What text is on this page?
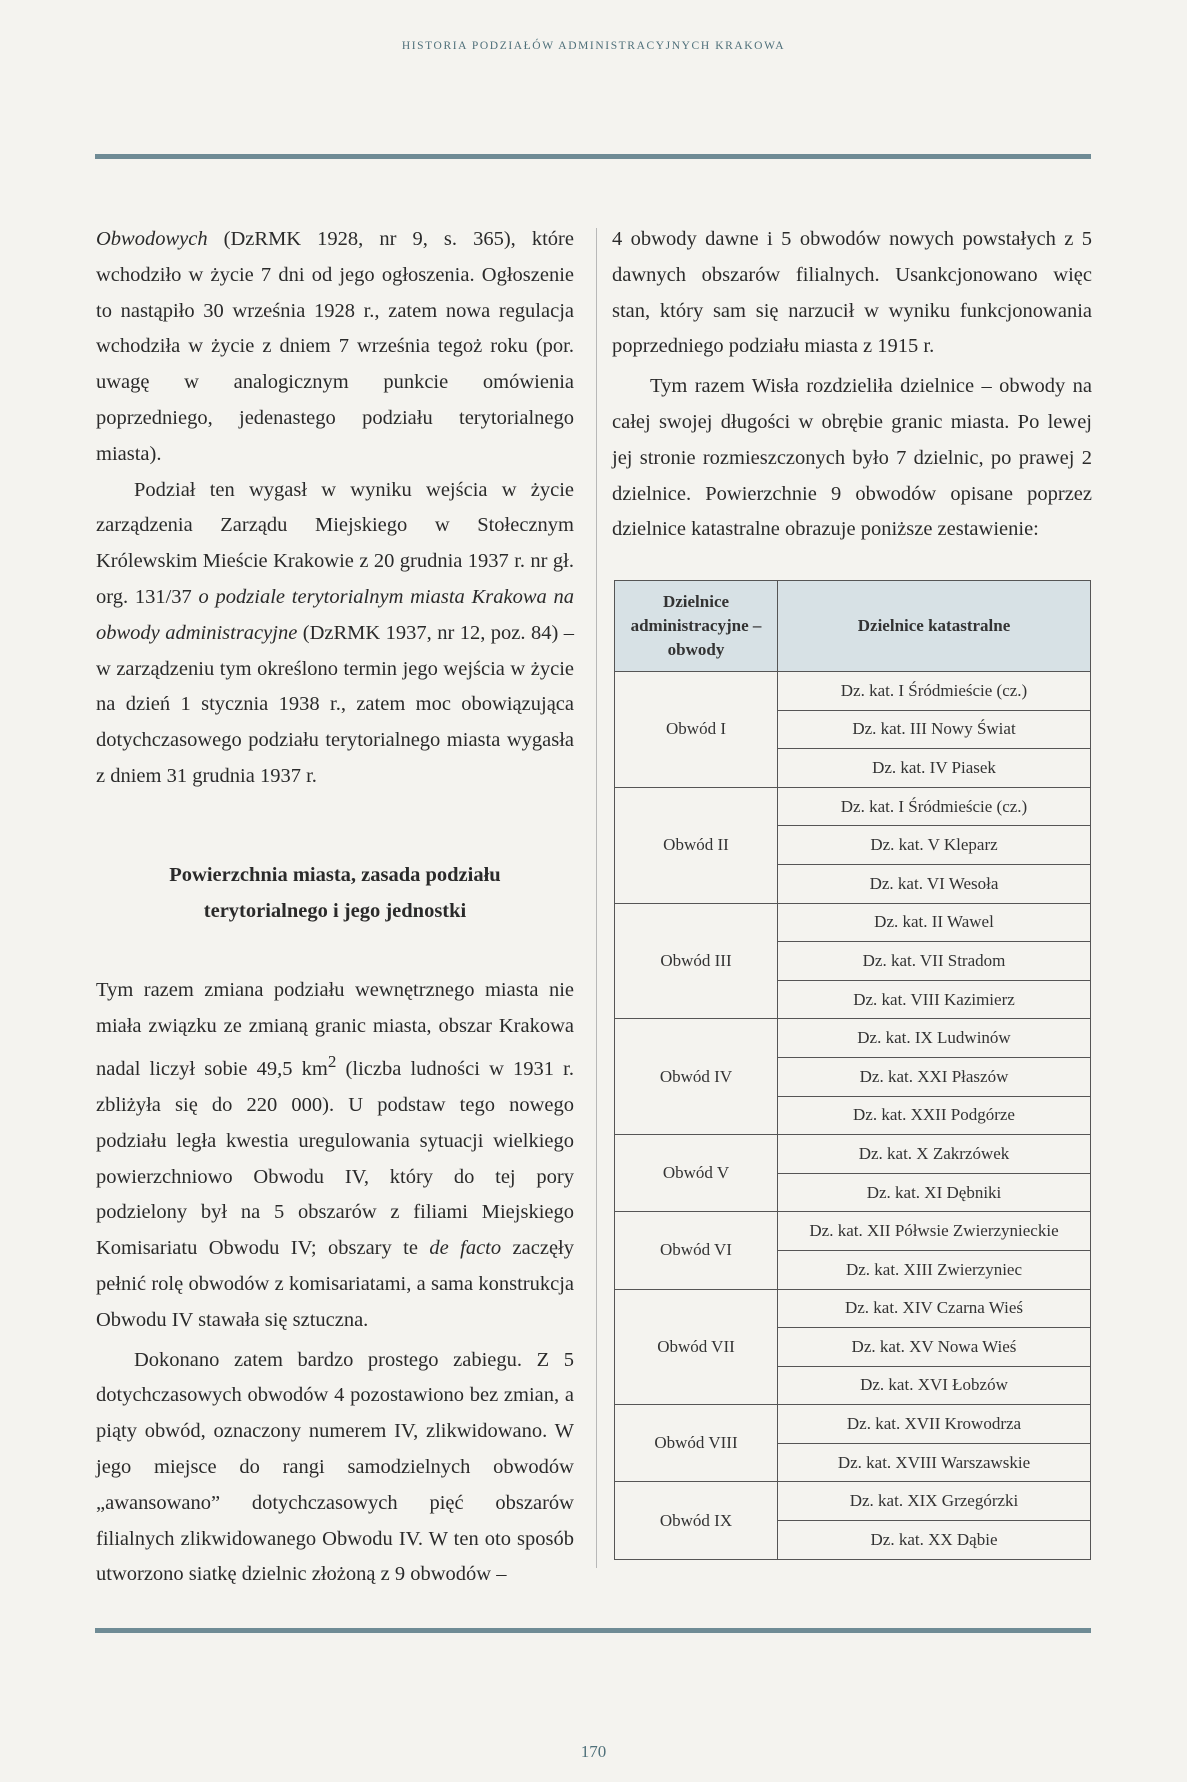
HISTORIA PODZIAŁÓW ADMINISTRACYJNYCH KRAKOWA

Obwodowych (DzRMK 1928, nr 9, s. 365), które wchodziło w życie 7 dni od jego ogłoszenia. Ogłoszenie to nastąpiło 30 września 1928 r., zatem nowa regulacja wchodziła w życie z dniem 7 września tegoż roku (por. uwagę w analogicznym punkcie omówienia poprzedniego, jedenastego podziału terytorialnego miasta).

Podział ten wygasł w wyniku wejścia w życie zarządzenia Zarządu Miejskiego w Stołecznym Królewskim Mieście Krakowie z 20 grudnia 1937 r. nr gł. org. 131/37 o podziale terytorialnym miasta Krakowa na obwody administracyjne (DzRMK 1937, nr 12, poz. 84) – w zarządzeniu tym określono termin jego wejścia w życie na dzień 1 stycznia 1938 r., zatem moc obowiązująca dotychczasowego podziału terytorialnego miasta wygasła z dniem 31 grudnia 1937 r.

Powierzchnia miasta, zasada podziału
terytorialnego i jego jednostki

Tym razem zmiana podziału wewnętrznego miasta nie miała związku ze zmianą granic miasta, obszar Krakowa nadal liczył sobie 49,5 $km^2$ (liczba ludności w 1931 r. zbliżyła się do 220 000). U podstaw tego nowego podziału legła kwestia uregulowania sytuacji wielkiego powierzchniowo Obwodu IV, który do tej pory podzielony był na 5 obszarów z filiami Miejskiego Komisariatu Obwodu IV; obszary te de facto zaczęły pełnić rolę obwodów z komisariatami, a sama konstrukcja Obwodu IV stawała się sztuczna.

Dokonano zatem bardzo prostego zabiegu. Z 5 dotychczasowych obwodów 4 pozostawiono bez zmian, a piąty obwód, oznaczony numerem IV, zlikwidowano. W jego miejsce do rangi samodzielnych obwodów „awansowano” dotychczasowych pięć obszarów filialnych zlikwidowanego Obwodu IV. W ten oto sposób utworzono siatkę dzielnic złożoną z 9 obwodów –

4 obwody dawne i 5 obwodów nowych powstałych z 5 dawnych obszarów filialnych. Usankcjonowano więc stan, który sam się narzucił w wyniku funkcjonowania poprzedniego podziału miasta z 1915 r.

Tym razem Wisła rozdzieliła dzielnice – obwody na całej swojej długości w obrębie granic miasta. Po lewej jej stronie rozmieszczonych było 7 dzielnic, po prawej 2 dzielnice. Powierzchnie 9 obwodów opisane poprzez dzielnice katastralne obrazuje poniższe zestawienie:

Dzielnice administracyjne – obwody	Dzielnice katastralne
Obwód I	Dz. kat. I Śródmieście (cz.)
	Dz. kat. III Nowy Świat
	Dz. kat. IV Piasek
Obwód II	Dz. kat. I Śródmieście (cz.)
	Dz. kat. V Kleparz
	Dz. kat. VI Wesoła
Obwód III	Dz. kat. II Wawel
	Dz. kat. VII Stradom
	Dz. kat. VIII Kazimierz
Obwód IV	Dz. kat. IX Ludwinów
	Dz. kat. XXI Płaszów
	Dz. kat. XXII Podgórze
Obwód V	Dz. kat. X Zakrzówek
	Dz. kat. XI Dębniki
Obwód VI	Dz. kat. XII Półwsie Zwierzynieckie
	Dz. kat. XIII Zwierzyniec
Obwód VII	Dz. kat. XIV Czarna Wieś
	Dz. kat. XV Nowa Wieś
	Dz. kat. XVI Łobzów
Obwód VIII	Dz. kat. XVII Krowodrza
	Dz. kat. XVIII Warszawskie
Obwód IX	Dz. kat. XIX Grzegórzki
	Dz. kat. XX Dąbie
170
